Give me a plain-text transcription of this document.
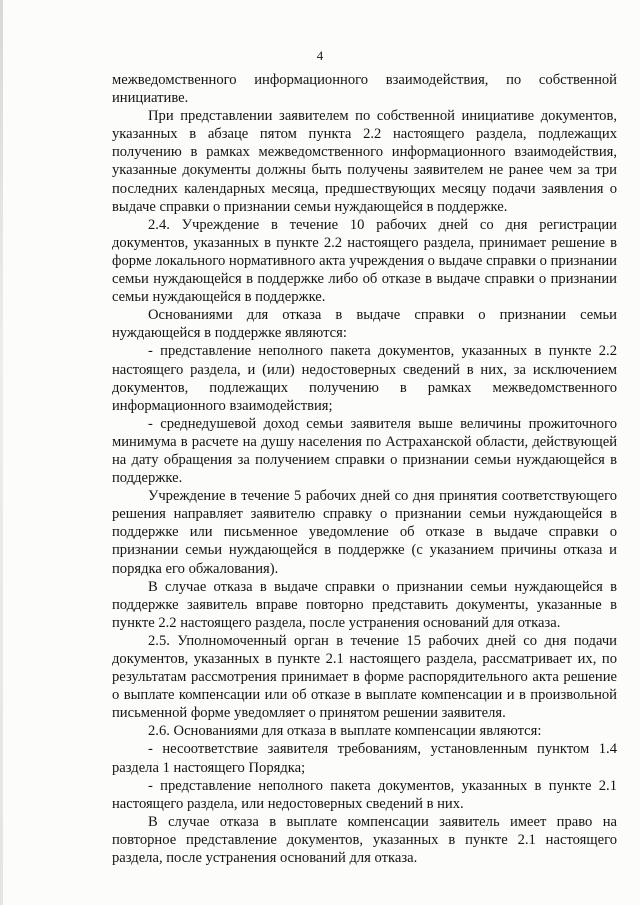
4

межведомственного информационного взаимодействия, по собственной инициативе.

При представлении заявителем по собственной инициативе документов, указанных в абзаце пятом пункта 2.2 настоящего раздела, подлежащих получению в рамках межведомственного информационного взаимодействия, указанные документы должны быть получены заявителем не ранее чем за три последних календарных месяца, предшествующих месяцу подачи заявления о выдаче справки о признании семьи нуждающейся в поддержке.

2.4. Учреждение в течение 10 рабочих дней со дня регистрации документов, указанных в пункте 2.2 настоящего раздела, принимает решение в форме локального нормативного акта учреждения о выдаче справки о признании семьи нуждающейся в поддержке либо об отказе в выдаче справки о признании семьи нуждающейся в поддержке.

Основаниями для отказа в выдаче справки о признании семьи нуждающейся в поддержке являются:

- представление неполного пакета документов, указанных в пункте 2.2 настоящего раздела, и (или) недостоверных сведений в них, за исключением документов, подлежащих получению в рамках межведомственного информационного взаимодействия;

- среднедушевой доход семьи заявителя выше величины прожиточного минимума в расчете на душу населения по Астраханской области, действующей на дату обращения за получением справки о признании семьи нуждающейся в поддержке.

Учреждение в течение 5 рабочих дней со дня принятия соответствующего решения направляет заявителю справку о признании семьи нуждающейся в поддержке или письменное уведомление об отказе в выдаче справки о признании семьи нуждающейся в поддержке (с указанием причины отказа и порядка его обжалования).

В случае отказа в выдаче справки о признании семьи нуждающейся в поддержке заявитель вправе повторно представить документы, указанные в пункте 2.2 настоящего раздела, после устранения оснований для отказа.

2.5. Уполномоченный орган в течение 15 рабочих дней со дня подачи документов, указанных в пункте 2.1 настоящего раздела, рассматривает их, по результатам рассмотрения принимает в форме распорядительного акта решение о выплате компенсации или об отказе в выплате компенсации и в произвольной письменной форме уведомляет о принятом решении заявителя.

2.6. Основаниями для отказа в выплате компенсации являются:

- несоответствие заявителя требованиям, установленным пунктом 1.4 раздела 1 настоящего Порядка;

- представление неполного пакета документов, указанных в пункте 2.1 настоящего раздела, или недостоверных сведений в них.

В случае отказа в выплате компенсации заявитель имеет право на повторное представление документов, указанных в пункте 2.1 настоящего раздела, после устранения оснований для отказа.
